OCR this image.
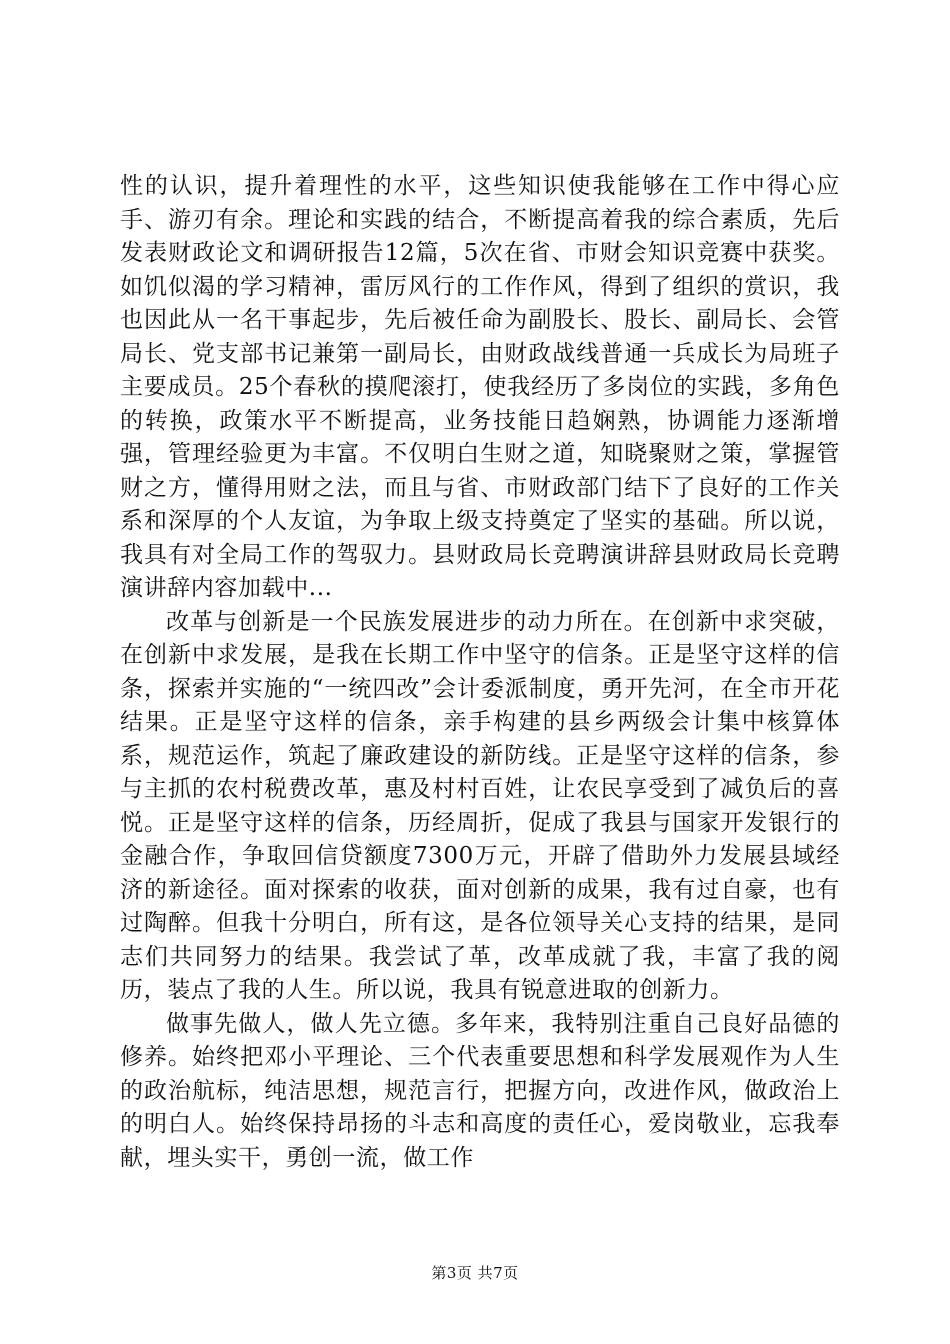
性的认识，提升着理性的水平，这些知识使我能够在工作中得心应手、游刃有余。理论和实践的结合，不断提高着我的综合素质，先后发表财政论文和调研报告12篇，5次在省、市财会知识竞赛中获奖。如饥似渴的学习精神，雷厉风行的工作作风，得到了组织的赏识，我也因此从一名干事起步，先后被任命为副股长、股长、副局长、会管局长、党支部书记兼第一副局长，由财政战线普通一兵成长为局班子主要成员。25个春秋的摸爬滚打，使我经历了多岗位的实践，多角色的转换，政策水平不断提高，业务技能日趋娴熟，协调能力逐渐增强，管理经验更为丰富。不仅明白生财之道，知晓聚财之策，掌握管财之方，懂得用财之法，而且与省、市财政部门结下了良好的工作关系和深厚的个人友谊，为争取上级支持奠定了坚实的基础。所以说，我具有对全局工作的驾驭力。县财政局长竞聘演讲辞县财政局长竞聘演讲辞内容加载中...

改革与创新是一个民族发展进步的动力所在。在创新中求突破，在创新中求发展，是我在长期工作中坚守的信条。正是坚守这样的信条，探索并实施的“一统四改”会计委派制度，勇开先河，在全市开花结果。正是坚守这样的信条，亲手构建的县乡两级会计集中核算体系，规范运作，筑起了廉政建设的新防线。正是坚守这样的信条，参与主抓的农村税费改革，惠及村村百姓，让农民享受到了减负后的喜悦。正是坚守这样的信条，历经周折，促成了我县与国家开发银行的金融合作，争取回信贷额度7300万元，开辟了借助外力发展县域经济的新途径。面对探索的收获，面对创新的成果，我有过自豪，也有过陶醉。但我十分明白，所有这，是各位领导关心支持的结果，是同志们共同努力的结果。我尝试了革，改革成就了我，丰富了我的阅历，装点了我的人生。所以说，我具有锐意进取的创新力。

做事先做人，做人先立德。多年来，我特别注重自己良好品德的修养。始终把邓小平理论、三个代表重要思想和科学发展观作为人生的政治航标，纯洁思想，规范言行，把握方向，改进作风，做政治上的明白人。始终保持昂扬的斗志和高度的责任心，爱岗敬业，忘我奉献，埋头实干，勇创一流，做工作

第3页 共7页
